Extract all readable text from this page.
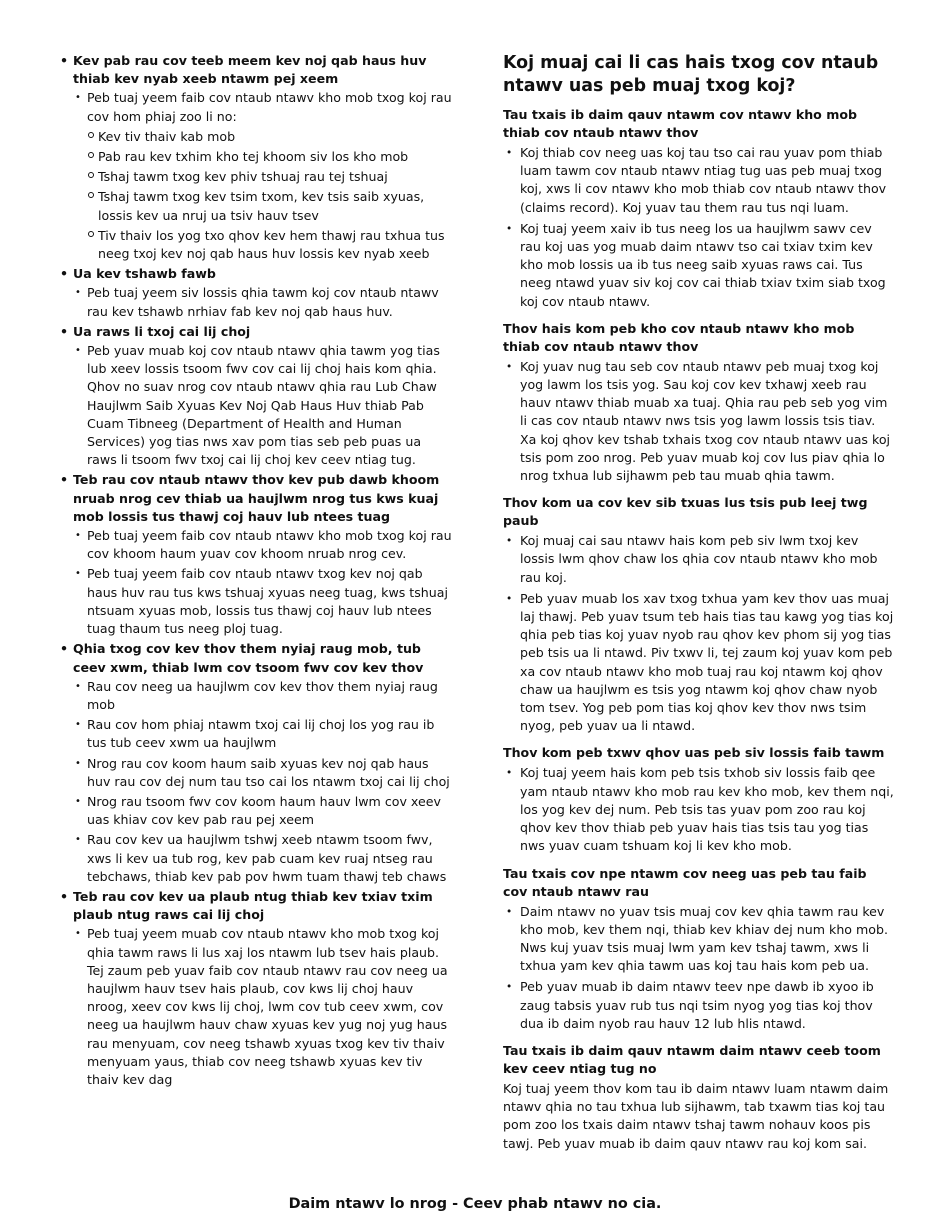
• Kev pab rau cov teeb meem kev noj qab haus huv thiab kev nyab xeeb ntawm pej xeem
• Peb tuaj yeem faib cov ntaub ntawv kho mob txog koj rau cov hom phiaj zoo li no:
Kev tiv thaiv kab mob
Pab rau kev txhim kho tej khoom siv los kho mob
Tshaj tawm txog kev phiv tshuaj rau tej tshuaj
Tshaj tawm txog kev tsim txom, kev tsis saib xyuas, lossis kev ua nruj ua tsiv hauv tsev
Tiv thaiv los yog txo qhov kev hem thawj rau txhua tus neeg txoj kev noj qab haus huv lossis kev nyab xeeb
• Ua kev tshawb fawb
• Peb tuaj yeem siv lossis qhia tawm koj cov ntaub ntawv rau kev tshawb nrhiav fab kev noj qab haus huv.
• Ua raws li txoj cai lij choj
• Peb yuav muab koj cov ntaub ntawv qhia tawm yog tias lub xeev lossis tsoom fwv cov cai lij choj hais kom qhia. Qhov no suav nrog cov ntaub ntawv qhia rau Lub Chaw Haujlwm Saib Xyuas Kev Noj Qab Haus Huv thiab Pab Cuam Tibneeg (Department of Health and Human Services) yog tias nws xav pom tias seb peb puas ua raws li tsoom fwv txoj cai lij choj kev ceev ntiag tug.
• Teb rau cov ntaub ntawv thov kev pub dawb khoom nruab nrog cev thiab ua haujlwm nrog tus kws kuaj mob lossis tus thawj coj hauv lub ntees tuag
• Peb tuaj yeem faib cov ntaub ntawv kho mob txog koj rau cov khoom haum yuav cov khoom nruab nrog cev.
• Peb tuaj yeem faib cov ntaub ntawv txog kev noj qab haus huv rau tus kws tshuaj xyuas neeg tuag, kws tshuaj ntsuam xyuas mob, lossis tus thawj coj hauv lub ntees tuag thaum tus neeg ploj tuag.
• Qhia txog cov kev thov them nyiaj raug mob, tub ceev xwm, thiab lwm cov tsoom fwv cov kev thov
• Rau cov neeg ua haujlwm cov kev thov them nyiaj raug mob
• Rau cov hom phiaj ntawm txoj cai lij choj los yog rau ib tus tub ceev xwm ua haujlwm
• Nrog rau cov koom haum saib xyuas kev noj qab haus huv rau cov dej num tau tso cai los ntawm txoj cai lij choj
• Nrog rau tsoom fwv cov koom haum hauv lwm cov xeev uas khiav cov kev pab rau pej xeem
• Rau cov kev ua haujlwm tshwj xeeb ntawm tsoom fwv, xws li kev ua tub rog, kev pab cuam kev ruaj ntseg rau tebchaws, thiab kev pab pov hwm tuam thawj teb chaws
• Teb rau cov kev ua plaub ntug thiab kev txiav txim plaub ntug raws cai lij choj
• Peb tuaj yeem muab cov ntaub ntawv kho mob txog koj qhia tawm raws li lus xaj los ntawm lub tsev hais plaub. Tej zaum peb yuav faib cov ntaub ntawv rau cov neeg ua haujlwm hauv tsev hais plaub, cov kws lij choj hauv nroog, xeev cov kws lij choj, lwm cov tub ceev xwm, cov neeg ua haujlwm hauv chaw xyuas kev yug noj yug haus rau menyuam, cov neeg tshawb xyuas txog kev tiv thaiv menyuam yaus, thiab cov neeg tshawb xyuas kev tiv thaiv kev dag
Koj muaj cai li cas hais txog cov ntaub ntawv uas peb muaj txog koj?
Tau txais ib daim qauv ntawm cov ntawv kho mob thiab cov ntaub ntawv thov
• Koj thiab cov neeg uas koj tau tso cai rau yuav pom thiab luam tawm cov ntaub ntawv ntiag tug uas peb muaj txog koj, xws li cov ntawv kho mob thiab cov ntaub ntawv thov (claims record). Koj yuav tau them rau tus nqi luam.
• Koj tuaj yeem xaiv ib tus neeg los ua haujlwm sawv cev rau koj uas yog muab daim ntawv tso cai txiav txim kev kho mob lossis ua ib tus neeg saib xyuas raws cai. Tus neeg ntawd yuav siv koj cov cai thiab txiav txim siab txog koj cov ntaub ntawv.
Thov hais kom peb kho cov ntaub ntawv kho mob thiab cov ntaub ntawv thov
• Koj yuav nug tau seb cov ntaub ntawv peb muaj txog koj yog lawm los tsis yog. Sau koj cov kev txhawj xeeb rau hauv ntawv thiab muab xa tuaj. Qhia rau peb seb yog vim li cas cov ntaub ntawv nws tsis yog lawm lossis tsis tiav. Xa koj qhov kev tshab txhais txog cov ntaub ntawv uas koj tsis pom zoo nrog. Peb yuav muab koj cov lus piav qhia lo nrog txhua lub sijhawm peb tau muab qhia tawm.
Thov kom ua cov kev sib txuas lus tsis pub leej twg paub
• Koj muaj cai sau ntawv hais kom peb siv lwm txoj kev lossis lwm qhov chaw los qhia cov ntaub ntawv kho mob rau koj.
• Peb yuav muab los xav txog txhua yam kev thov uas muaj laj thawj. Peb yuav tsum teb hais tias tau kawg yog tias koj qhia peb tias koj yuav nyob rau qhov kev phom sij yog tias peb tsis ua li ntawd. Piv txwv li, tej zaum koj yuav kom peb xa cov ntaub ntawv kho mob tuaj rau koj ntawm koj qhov chaw ua haujlwm es tsis yog ntawm koj qhov chaw nyob tom tsev. Yog peb pom tias koj qhov kev thov nws tsim nyog, peb yuav ua li ntawd.
Thov kom peb txwv qhov uas peb siv lossis faib tawm
• Koj tuaj yeem hais kom peb tsis txhob siv lossis faib qee yam ntaub ntawv kho mob rau kev kho mob, kev them nqi, los yog kev dej num. Peb tsis tas yuav pom zoo rau koj qhov kev thov thiab peb yuav hais tias tsis tau yog tias nws yuav cuam tshuam koj li kev kho mob.
Tau txais cov npe ntawm cov neeg uas peb tau faib cov ntaub ntawv rau
• Daim ntawv no yuav tsis muaj cov kev qhia tawm rau kev kho mob, kev them nqi, thiab kev khiav dej num kho mob. Nws kuj yuav tsis muaj lwm yam kev tshaj tawm, xws li txhua yam kev qhia tawm uas koj tau hais kom peb ua.
• Peb yuav muab ib daim ntawv teev npe dawb ib xyoo ib zaug tabsis yuav rub tus nqi tsim nyog yog tias koj thov dua ib daim nyob rau hauv 12 lub hlis ntawd.
Tau txais ib daim qauv ntawm daim ntawv ceeb toom kev ceev ntiag tug no

Koj tuaj yeem thov kom tau ib daim ntawv luam ntawm daim ntawv qhia no tau txhua lub sijhawm, tab txawm tias koj tau pom zoo los txais daim ntawv tshaj tawm nohauv koos pis tawj. Peb yuav muab ib daim qauv ntawv rau koj kom sai.

Daim ntawv lo nrog - Ceev phab ntawv no cia.
